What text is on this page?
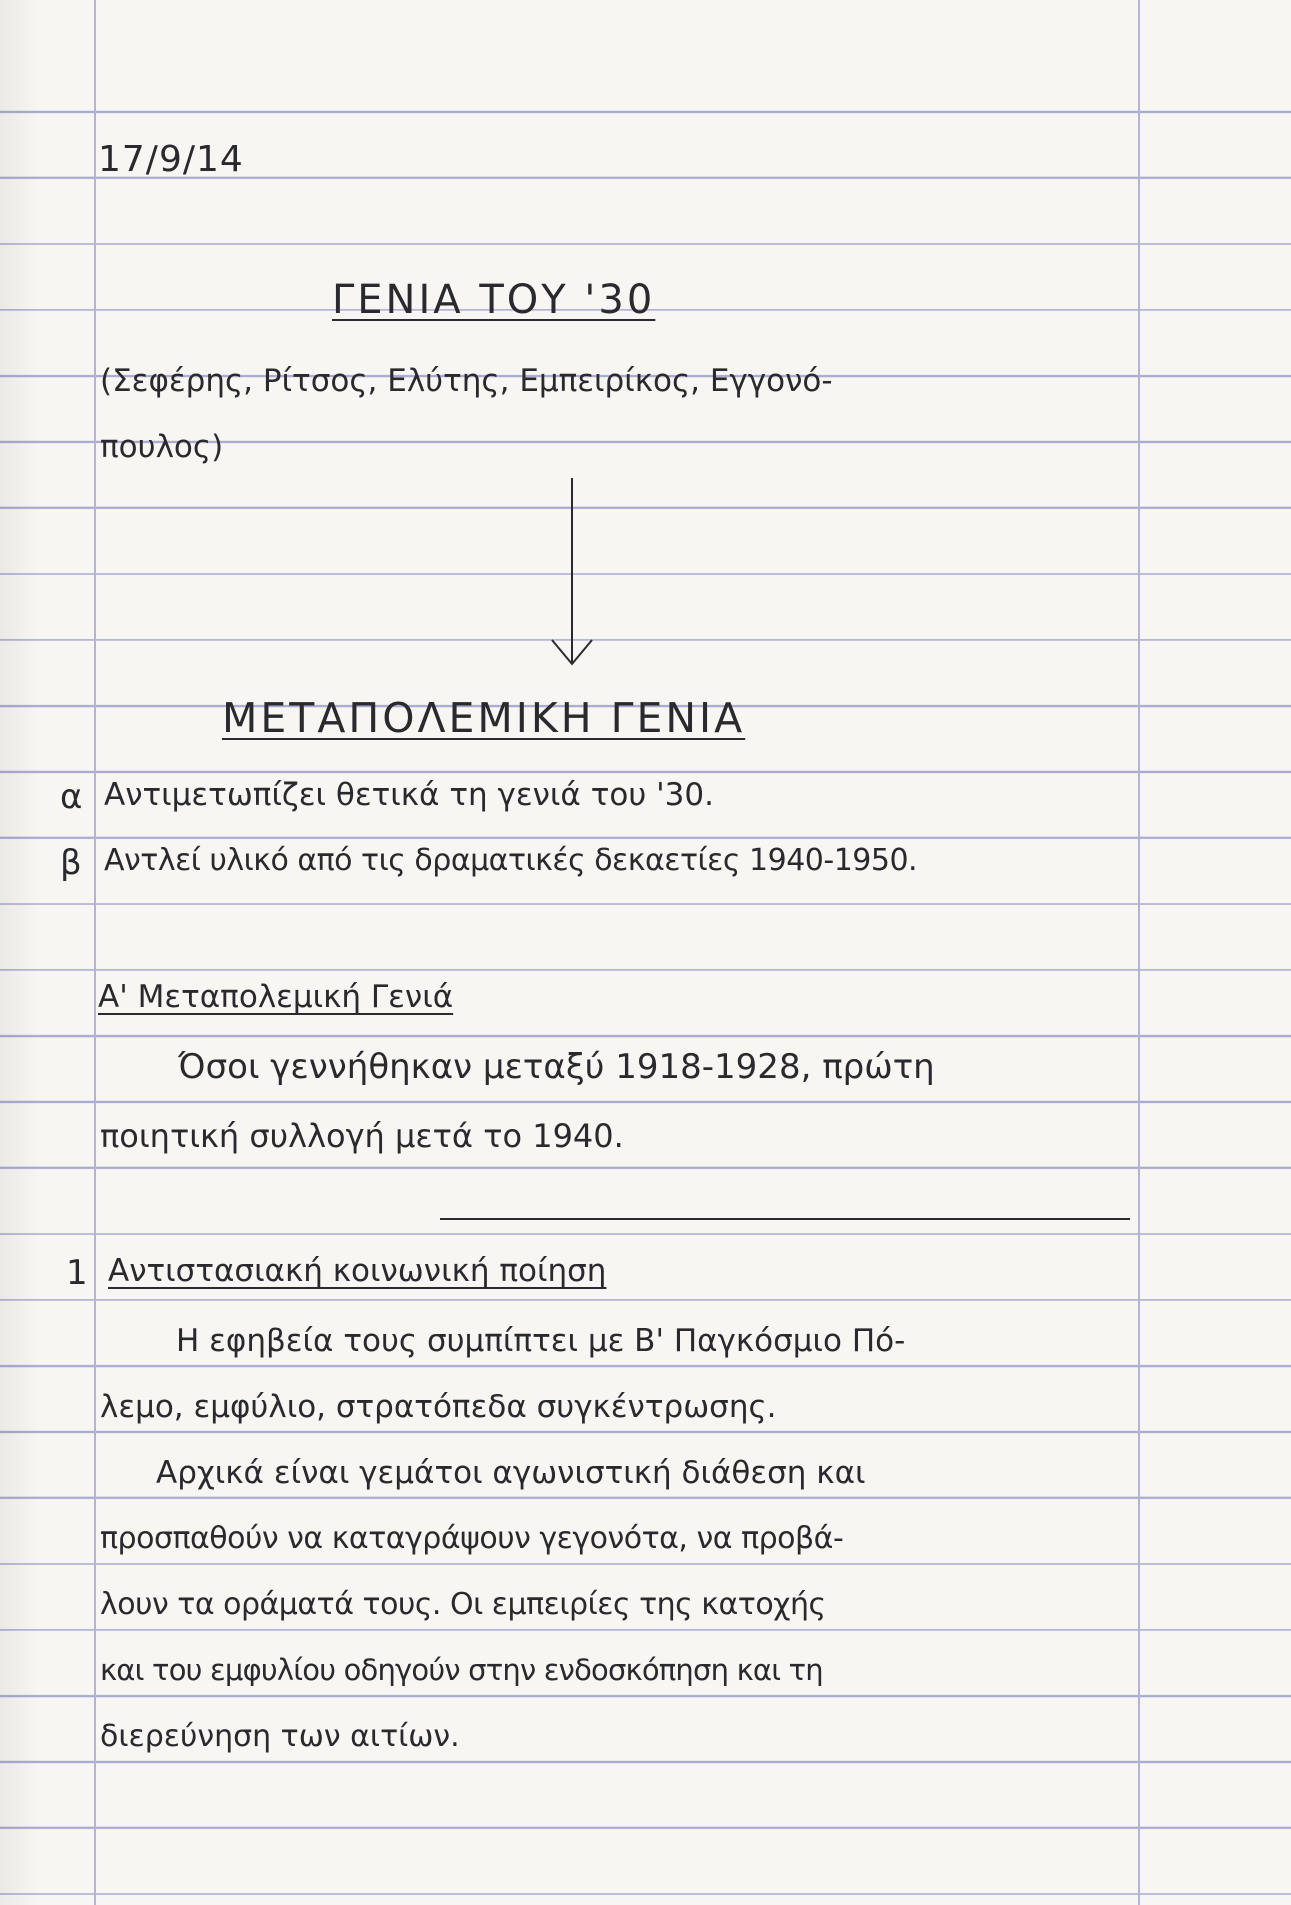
17/9/14
ΓΕΝΙΑ ΤΟΥ '30
(Σεφέρης, Ρίτσος, Ελύτης, Εμπειρίκος, Εγγονό-
πουλος)
ΜΕΤΑΠΟΛΕΜΙΚΗ ΓΕΝΙΑ
α Αντιμετωπίζει θετικά τη γενιά του '30.
β Αντλεί υλικό από τις δραματικές δεκαετίες 1940-1950.
Α' Μεταπολεμική Γενιά
Όσοι γεννήθηκαν μεταξύ 1918-1928, πρώτη
ποιητική συλλογή μετά το 1940.
1 Αντιστασιακή κοινωνική ποίηση
Η εφηβεία τους συμπίπτει με Β' Παγκόσμιο Πό-
λεμο, εμφύλιο, στρατόπεδα συγκέντρωσης.
Αρχικά είναι γεμάτοι αγωνιστική διάθεση και
προσπαθούν να καταγράψουν γεγονότα, να προβά-
λουν τα οράματά τους. Οι εμπειρίες της κατοχής
και του εμφυλίου οδηγούν στην ενδοσκόπηση και τη
διερεύνηση των αιτίων.
